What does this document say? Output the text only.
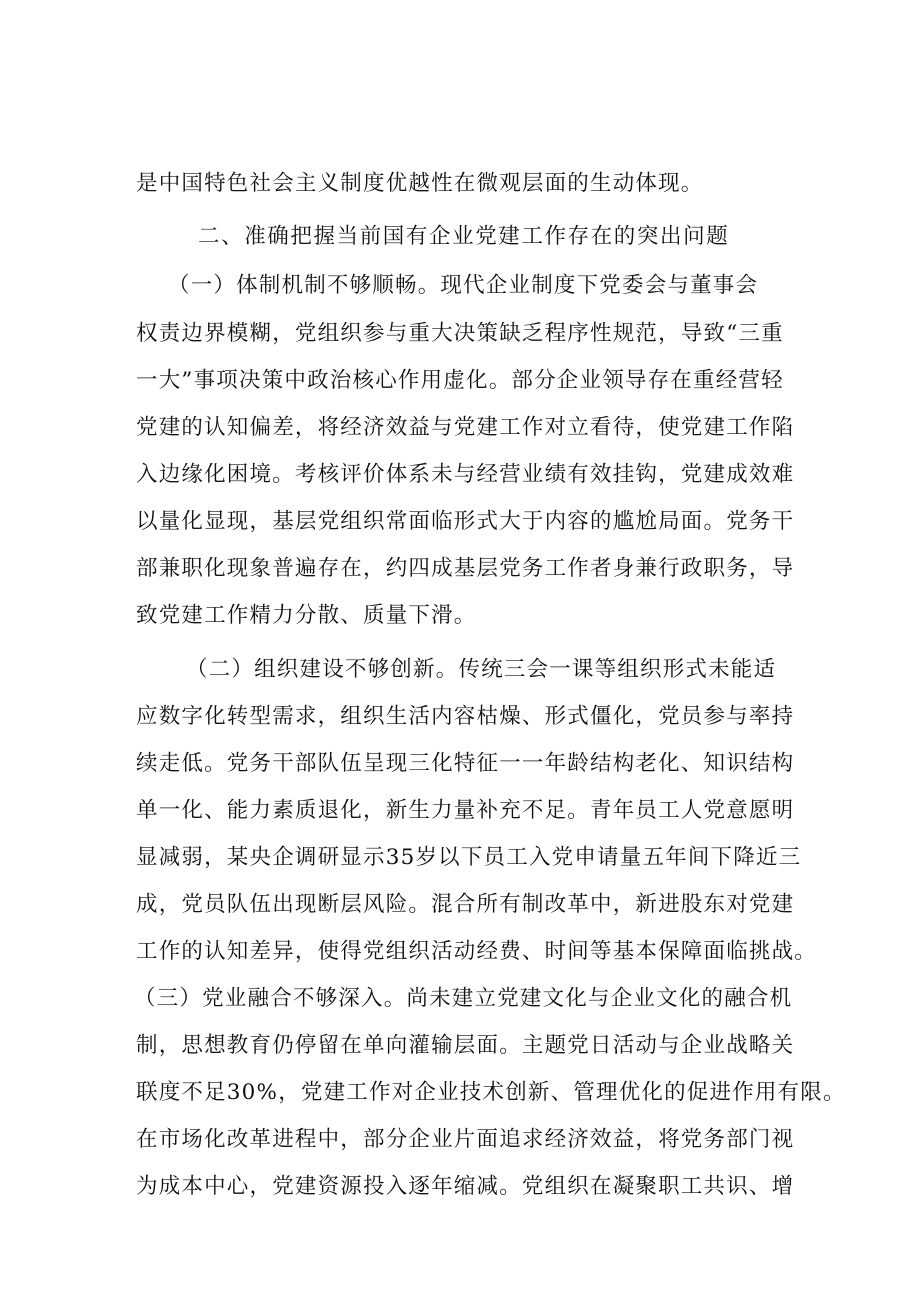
是中国特色社会主义制度优越性在微观层面的生动体现。
二、准确把握当前国有企业党建工作存在的突出问题
（一）体制机制不够顺畅。现代企业制度下党委会与董事会
权责边界模糊，党组织参与重大决策缺乏程序性规范，导致“三重
一大”事项决策中政治核心作用虚化。部分企业领导存在重经营轻
党建的认知偏差，将经济效益与党建工作对立看待，使党建工作陷
入边缘化困境。考核评价体系未与经营业绩有效挂钩，党建成效难
以量化显现，基层党组织常面临形式大于内容的尴尬局面。党务干
部兼职化现象普遍存在，约四成基层党务工作者身兼行政职务，导
致党建工作精力分散、质量下滑。
（二）组织建设不够创新。传统三会一课等组织形式未能适
应数字化转型需求，组织生活内容枯燥、形式僵化，党员参与率持
续走低。党务干部队伍呈现三化特征一一年龄结构老化、知识结构
单一化、能力素质退化，新生力量补充不足。青年员工人党意愿明
显减弱，某央企调研显示35岁以下员工入党申请量五年间下降近三
成，党员队伍出现断层风险。混合所有制改革中，新进股东对党建
工作的认知差异，使得党组织活动经费、时间等基本保障面临挑战。
（三）党业融合不够深入。尚未建立党建文化与企业文化的融合机
制，思想教育仍停留在单向灌输层面。主题党日活动与企业战略关
联度不足30%，党建工作对企业技术创新、管理优化的促进作用有限。
在市场化改革进程中，部分企业片面追求经济效益，将党务部门视
为成本中心，党建资源投入逐年缩减。党组织在凝聚职工共识、增
